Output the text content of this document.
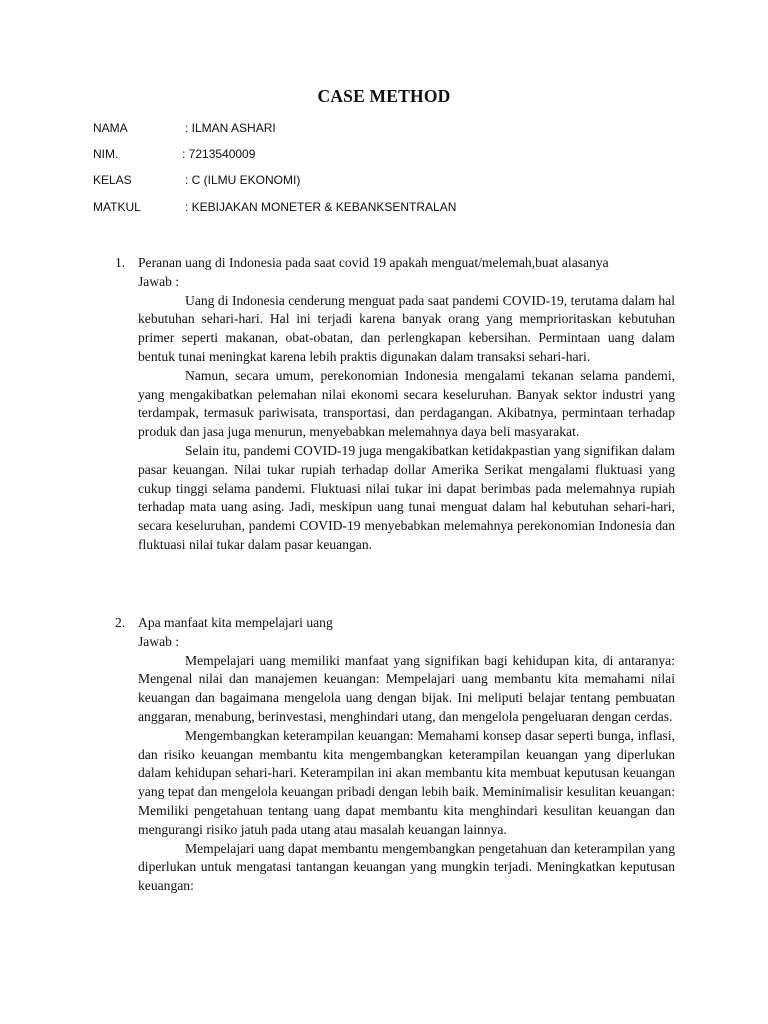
CASE METHOD
NAMA	: ILMAN ASHARI
NIM.	: 7213540009
KELAS	: C (ILMU EKONOMI)
MATKUL	: KEBIJAKAN MONETER & KEBANKSENTRALAN
1. Peranan uang di Indonesia pada saat covid 19 apakah menguat/melemah,buat alasanya
Jawab :
Uang di Indonesia cenderung menguat pada saat pandemi COVID-19, terutama dalam hal kebutuhan sehari-hari. Hal ini terjadi karena banyak orang yang memprioritaskan kebutuhan primer seperti makanan, obat-obatan, dan perlengkapan kebersihan. Permintaan uang dalam bentuk tunai meningkat karena lebih praktis digunakan dalam transaksi sehari-hari.
Namun, secara umum, perekonomian Indonesia mengalami tekanan selama pandemi, yang mengakibatkan pelemahan nilai ekonomi secara keseluruhan. Banyak sektor industri yang terdampak, termasuk pariwisata, transportasi, dan perdagangan. Akibatnya, permintaan terhadap produk dan jasa juga menurun, menyebabkan melemahnya daya beli masyarakat.
Selain itu, pandemi COVID-19 juga mengakibatkan ketidakpastian yang signifikan dalam pasar keuangan. Nilai tukar rupiah terhadap dollar Amerika Serikat mengalami fluktuasi yang cukup tinggi selama pandemi. Fluktuasi nilai tukar ini dapat berimbas pada melemahnya rupiah terhadap mata uang asing. Jadi, meskipun uang tunai menguat dalam hal kebutuhan sehari-hari, secara keseluruhan, pandemi COVID-19 menyebabkan melemahnya perekonomian Indonesia dan fluktuasi nilai tukar dalam pasar keuangan.
2. Apa manfaat kita mempelajari uang
Jawab :
Mempelajari uang memiliki manfaat yang signifikan bagi kehidupan kita, di antaranya: Mengenal nilai dan manajemen keuangan: Mempelajari uang membantu kita memahami nilai keuangan dan bagaimana mengelola uang dengan bijak. Ini meliputi belajar tentang pembuatan anggaran, menabung, berinvestasi, menghindari utang, dan mengelola pengeluaran dengan cerdas.
Mengembangkan keterampilan keuangan: Memahami konsep dasar seperti bunga, inflasi, dan risiko keuangan membantu kita mengembangkan keterampilan keuangan yang diperlukan dalam kehidupan sehari-hari. Keterampilan ini akan membantu kita membuat keputusan keuangan yang tepat dan mengelola keuangan pribadi dengan lebih baik. Meminimalisir kesulitan keuangan: Memiliki pengetahuan tentang uang dapat membantu kita menghindari kesulitan keuangan dan mengurangi risiko jatuh pada utang atau masalah keuangan lainnya.
Mempelajari uang dapat membantu mengembangkan pengetahuan dan keterampilan yang diperlukan untuk mengatasi tantangan keuangan yang mungkin terjadi. Meningkatkan keputusan keuangan:
